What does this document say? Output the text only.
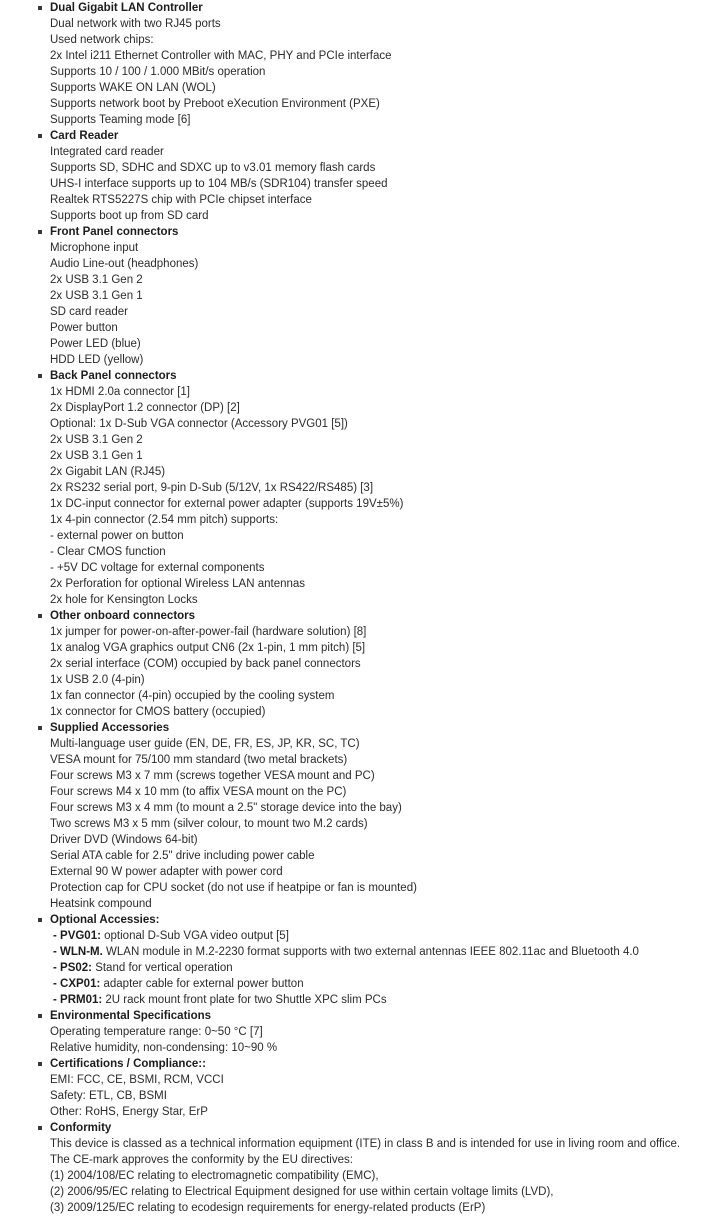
Dual Gigabit LAN Controller
Dual network with two RJ45 ports
Used network chips:
2x Intel i211 Ethernet Controller with MAC, PHY and PCIe interface
Supports 10 / 100 / 1.000 MBit/s operation
Supports WAKE ON LAN (WOL)
Supports network boot by Preboot eXecution Environment (PXE)
Supports Teaming mode [6]
Card Reader
Integrated card reader
Supports SD, SDHC and SDXC up to v3.01 memory flash cards
UHS-I interface supports up to 104 MB/s (SDR104) transfer speed
Realtek RTS5227S chip with PCIe chipset interface
Supports boot up from SD card
Front Panel connectors
Microphone input
Audio Line-out (headphones)
2x USB 3.1 Gen 2
2x USB 3.1 Gen 1
SD card reader
Power button
Power LED (blue)
HDD LED (yellow)
Back Panel connectors
1x HDMI 2.0a connector [1]
2x DisplayPort 1.2 connector (DP) [2]
Optional: 1x D-Sub VGA connector (Accessory PVG01 [5])
2x USB 3.1 Gen 2
2x USB 3.1 Gen 1
2x Gigabit LAN (RJ45)
2x RS232 serial port, 9-pin D-Sub (5/12V, 1x RS422/RS485) [3]
1x DC-input connector for external power adapter (supports 19V±5%)
1x 4-pin connector (2.54 mm pitch) supports:
- external power on button
- Clear CMOS function
- +5V DC voltage for external components
2x Perforation for optional Wireless LAN antennas
2x hole for Kensington Locks
Other onboard connectors
1x jumper for power-on-after-power-fail (hardware solution) [8]
1x analog VGA graphics output CN6 (2x 1-pin, 1 mm pitch) [5]
2x serial interface (COM) occupied by back panel connectors
1x USB 2.0 (4-pin)
1x fan connector (4-pin) occupied by the cooling system
1x connector for CMOS battery (occupied)
Supplied Accessories
Multi-language user guide (EN, DE, FR, ES, JP, KR, SC, TC)
VESA mount for 75/100 mm standard (two metal brackets)
Four screws M3 x 7 mm (screws together VESA mount and PC)
Four screws M4 x 10 mm (to affix VESA mount on the PC)
Four screws M3 x 4 mm (to mount a 2.5" storage device into the bay)
Two screws M3 x 5 mm (silver colour, to mount two M.2 cards)
Driver DVD (Windows 64-bit)
Serial ATA cable for 2.5" drive including power cable
External 90 W power adapter with power cord
Protection cap for CPU socket (do not use if heatpipe or fan is mounted)
Heatsink compound
Optional Accessies:
- PVG01: optional D-Sub VGA video output [5]
- WLN-M. WLAN module in M.2-2230 format supports with two external antennas IEEE 802.11ac and Bluetooth 4.0
- PS02: Stand for vertical operation
- CXP01: adapter cable for external power button
- PRM01: 2U rack mount front plate for two Shuttle XPC slim PCs
Environmental Specifications
Operating temperature range: 0~50 °C [7]
Relative humidity, non-condensing: 10~90 %
Certifications / Compliance::
EMI: FCC, CE, BSMI, RCM, VCCI
Safety: ETL, CB, BSMI
Other: RoHS, Energy Star, ErP
Conformity
This device is classed as a technical information equipment (ITE) in class B and is intended for use in living room and office. The CE-mark approves the conformity by the EU directives:
(1) 2004/108/EC relating to electromagnetic compatibility (EMC),
(2) 2006/95/EC relating to Electrical Equipment designed for use within certain voltage limits (LVD),
(3) 2009/125/EC relating to ecodesign requirements for energy-related products (ErP)
